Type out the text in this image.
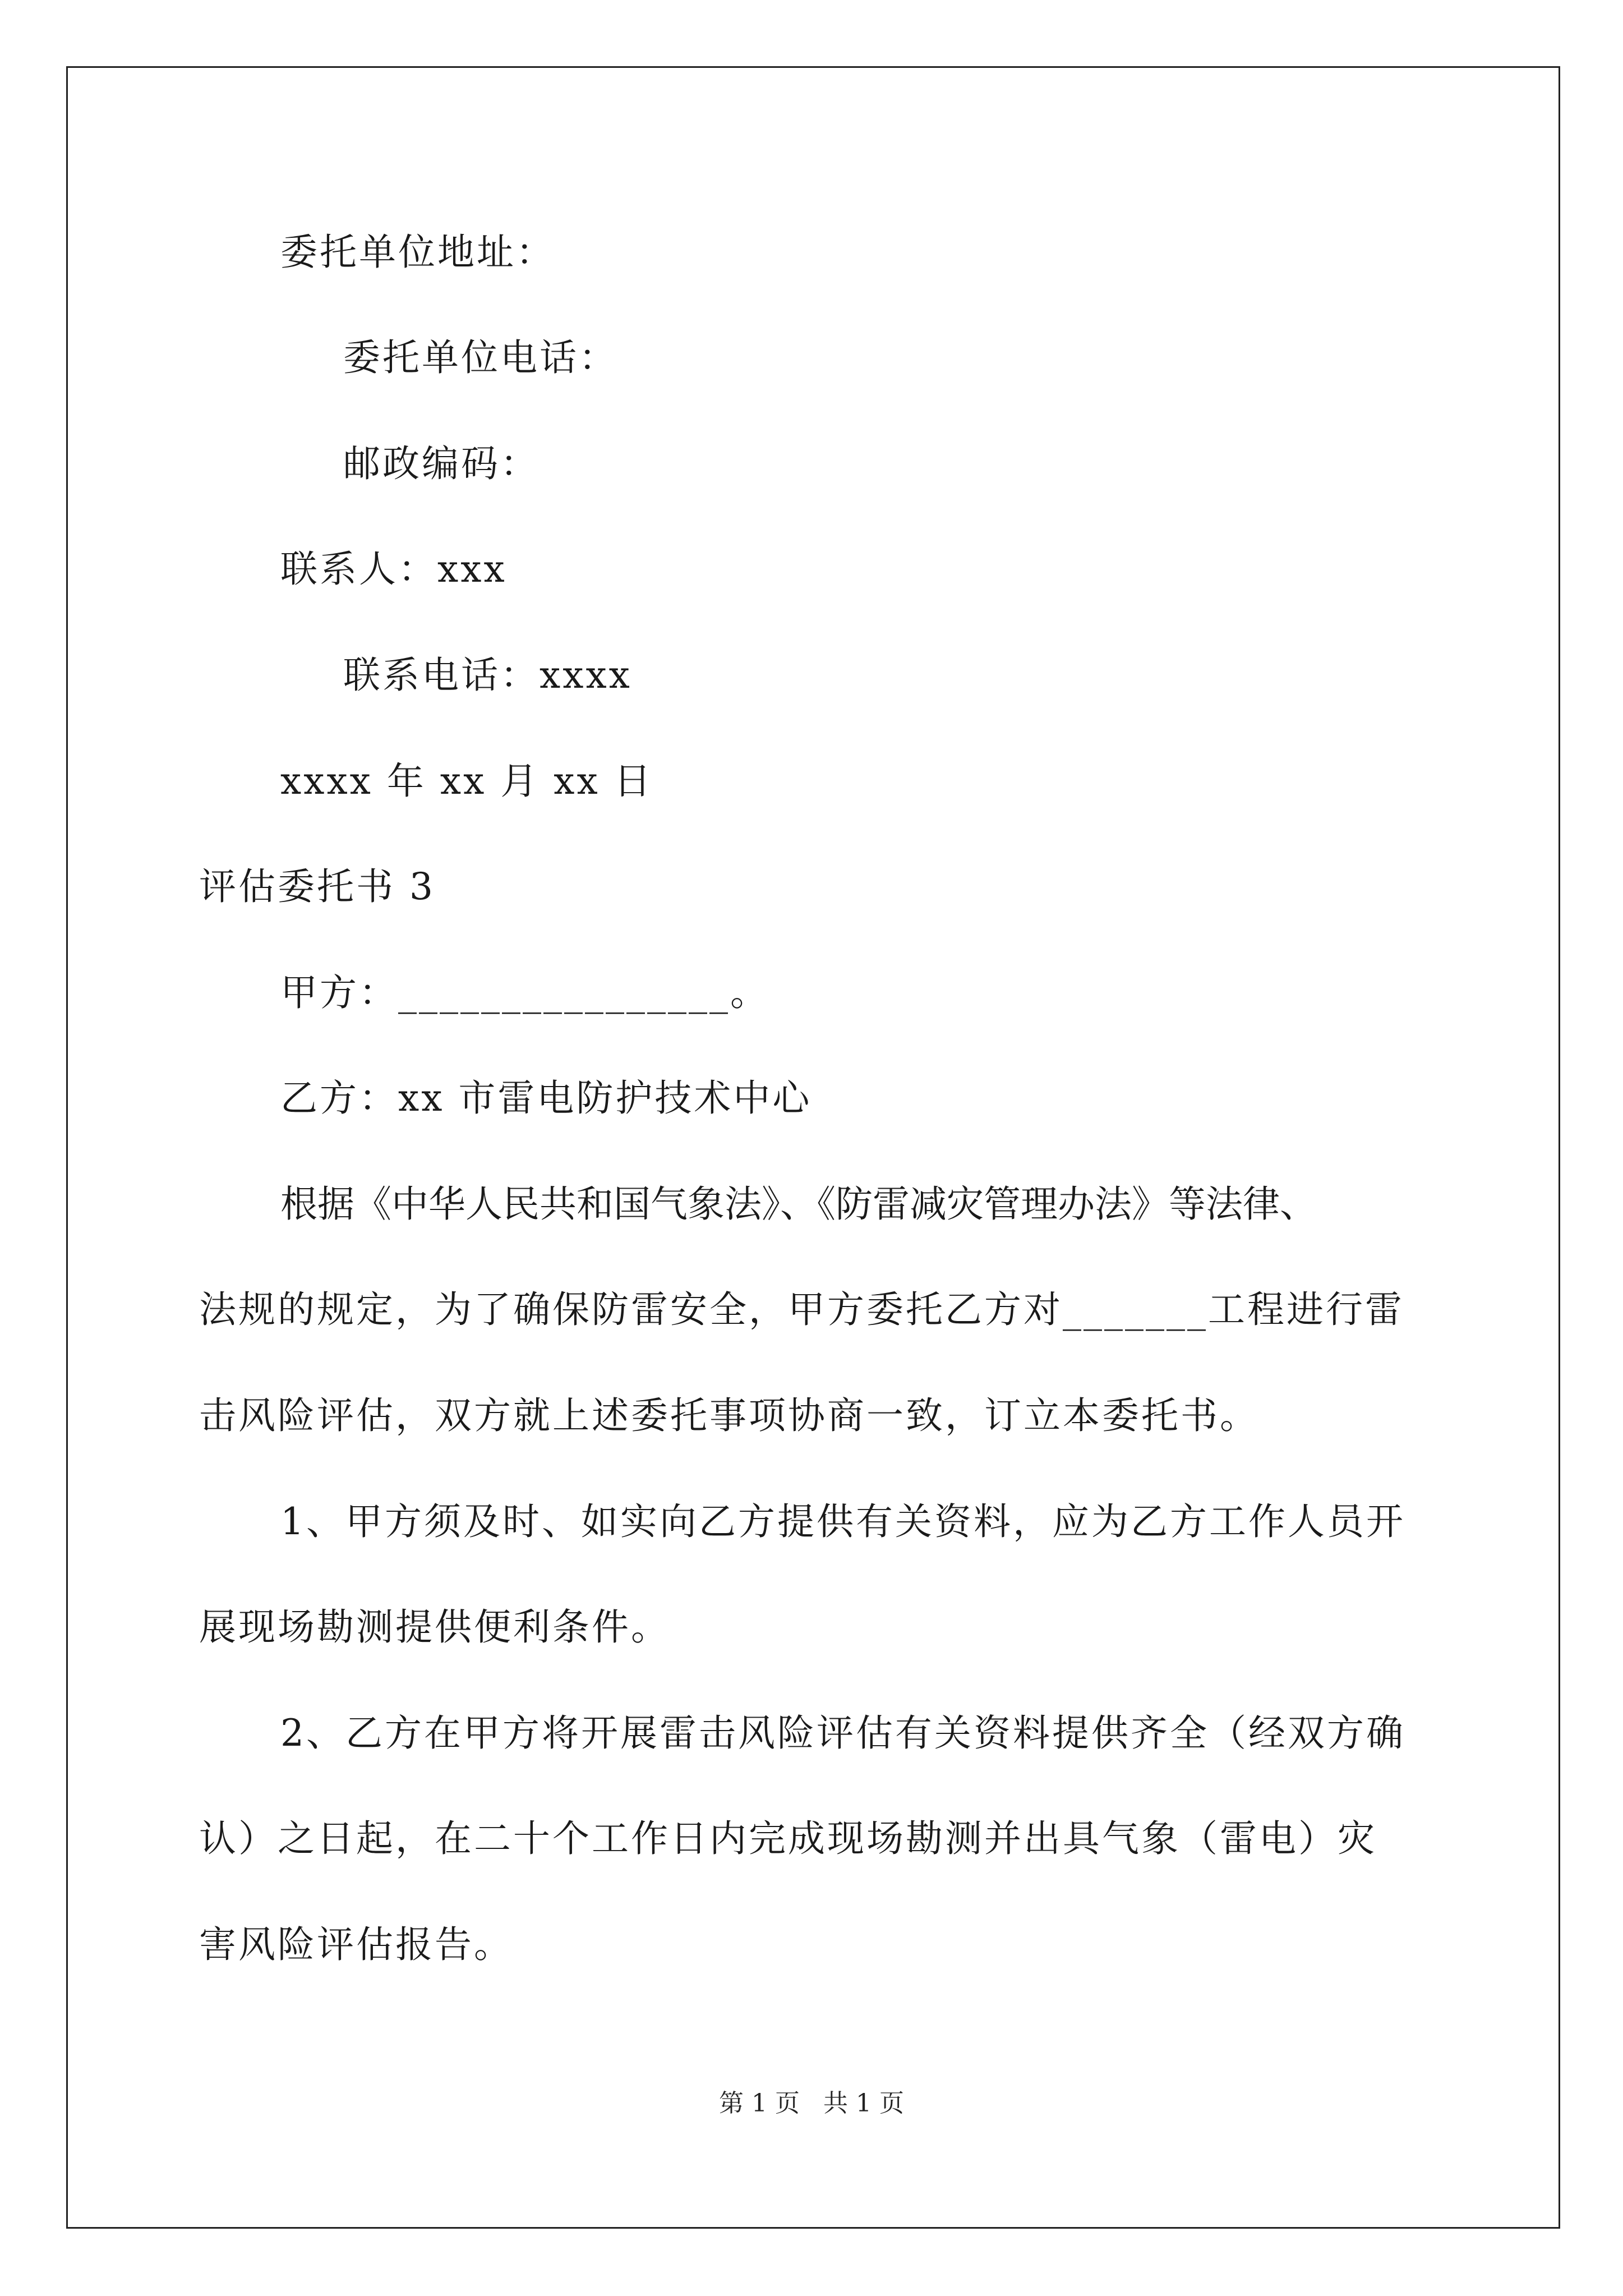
委托单位地址：
委托单位电话：
邮政编码：
联系人：xxx
联系电话：xxxx
xxxx 年 xx 月 xx 日
评估委托书 3
甲方：________________。
乙方：xx 市雷电防护技术中心
根据《中华人民共和国气象法》、《防雷减灾管理办法》等法律、
法规的规定，为了确保防雷安全，甲方委托乙方对_______工程进行雷
击风险评估，双方就上述委托事项协商一致，订立本委托书。
1、甲方须及时、如实向乙方提供有关资料，应为乙方工作人员开
展现场勘测提供便利条件。
2、乙方在甲方将开展雷击风险评估有关资料提供齐全（经双方确
认）之日起，在二十个工作日内完成现场勘测并出具气象（雷电）灾
害风险评估报告。
第 1 页   共 1 页
